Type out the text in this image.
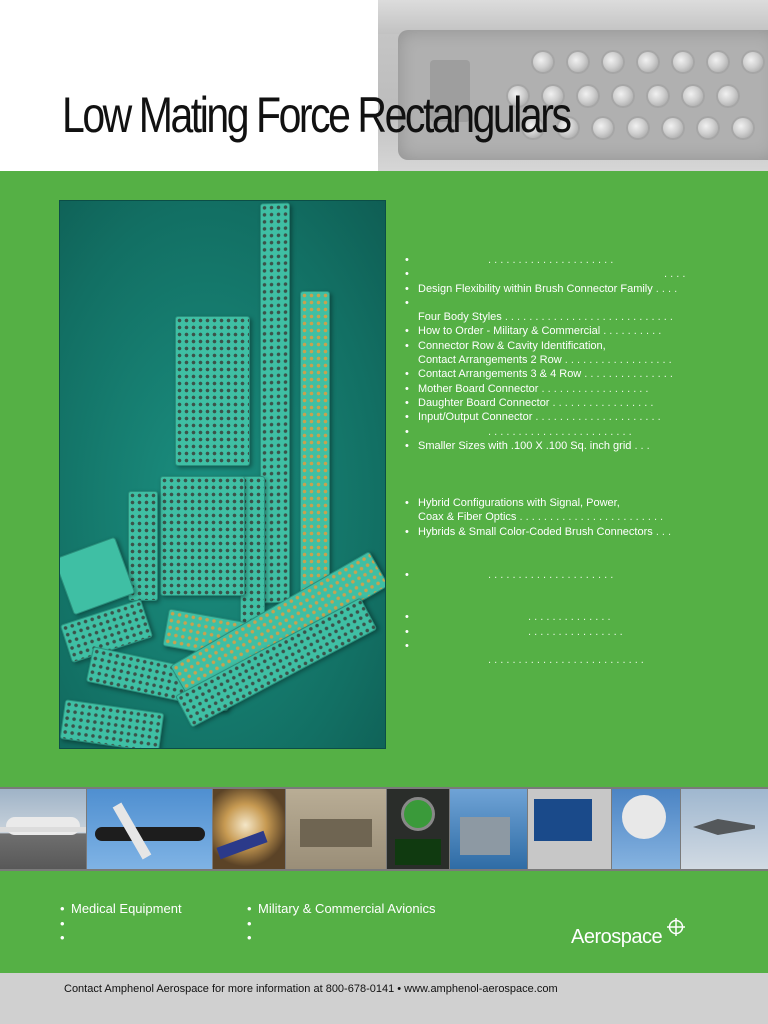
Low Mating Force Rectangulars
•	. . . . . . . . . . . . . . . . . . . . .
•	. . . .
• Design Flexibility within Brush Connector Family . . . .
•
Four Body Styles . . . . . . . . . . . . . . . . . . . . . . . . . . . .
• How to Order - Military & Commercial . . . . . . . . . .
• Connector Row & Cavity Identification,
Contact Arrangements 2 Row . . . . . . . . . . . . . . . . . .
• Contact Arrangements 3 & 4 Row . . . . . . . . . . . . . . .
• Mother Board Connector . . . . . . . . . . . . . . . . . .
• Daughter Board Connector . . . . . . . . . . . . . . . . .
• Input/Output Connector . . . . . . . . . . . . . . . . . . . . .
•	. . . . . . . . . . . . . . . . . . . . . . . .
• Smaller Sizes with .100 X .100 Sq. inch grid . . .
• Hybrid Configurations with Signal, Power,
Coax & Fiber Optics . . . . . . . . . . . . . . . . . . . . . . . .
• Hybrids & Small Color-Coded Brush Connectors . . .
•	. . . . . . . . . . . . . . . . . . . . .
•	. . . . . . . . . . . . . .
•	. . . . . . . . . . . . . . . .
•
. . . . . . . . . . . . . . . . . . . . . . . . . .
• Medical Equipment
•
•
• Military & Commercial Avionics
•
•	Aerospace
Contact Amphenol Aerospace for more information at 800-678-0141 • www.amphenol-aerospace.com
